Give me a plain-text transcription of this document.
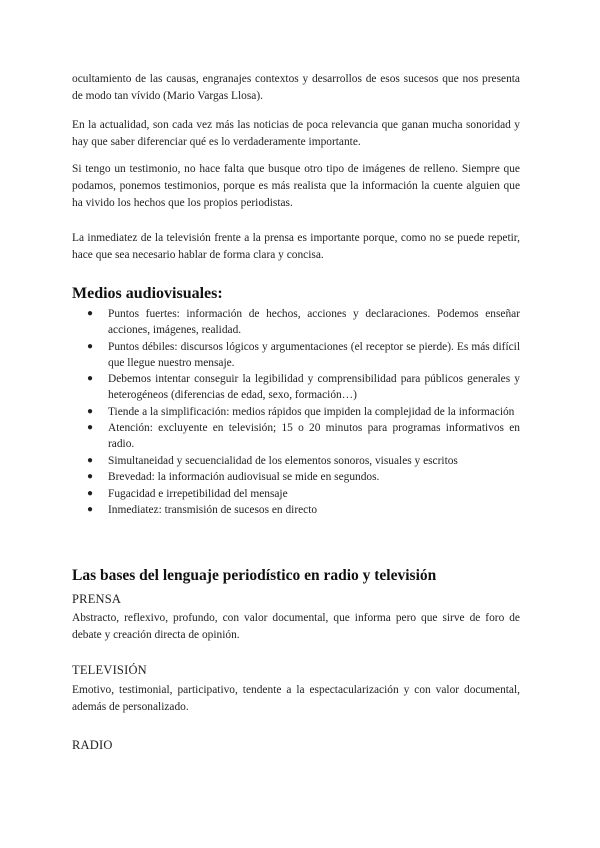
ocultamiento de las causas, engranajes contextos y desarrollos de esos sucesos que nos presenta de modo tan vívido (Mario Vargas Llosa).

En la actualidad, son cada vez más las noticias de poca relevancia que ganan mucha sonoridad y hay que saber diferenciar qué es lo verdaderamente importante.

Si tengo un testimonio, no hace falta que busque otro tipo de imágenes de relleno. Siempre que podamos, ponemos testimonios, porque es más realista que la información la cuente alguien que ha vivido los hechos que los propios periodistas.

La inmediatez de la televisión frente a la prensa es importante porque, como no se puede repetir, hace que sea necesario hablar de forma clara y concisa.

Medios audiovisuales:
● Puntos fuertes: información de hechos, acciones y declaraciones. Podemos enseñar acciones, imágenes, realidad.
● Puntos débiles: discursos lógicos y argumentaciones (el receptor se pierde). Es más difícil que llegue nuestro mensaje.
● Debemos intentar conseguir la legibilidad y comprensibilidad para públicos generales y heterogéneos (diferencias de edad, sexo, formación…)
● Tiende a la simplificación: medios rápidos que impiden la complejidad de la información
● Atención: excluyente en televisión; 15 o 20 minutos para programas informativos en radio.
● Simultaneidad y secuencialidad de los elementos sonoros, visuales y escritos
● Brevedad: la información audiovisual se mide en segundos.
● Fugacidad e irrepetibilidad del mensaje
● Inmediatez: transmisión de sucesos en directo
Las bases del lenguaje periodístico en radio y televisión

PRENSA

Abstracto, reflexivo, profundo, con valor documental, que informa pero que sirve de foro de debate y creación directa de opinión.

TELEVISIÓN

Emotivo, testimonial, participativo, tendente a la espectacularización y con valor documental, además de personalizado.

RADIO
